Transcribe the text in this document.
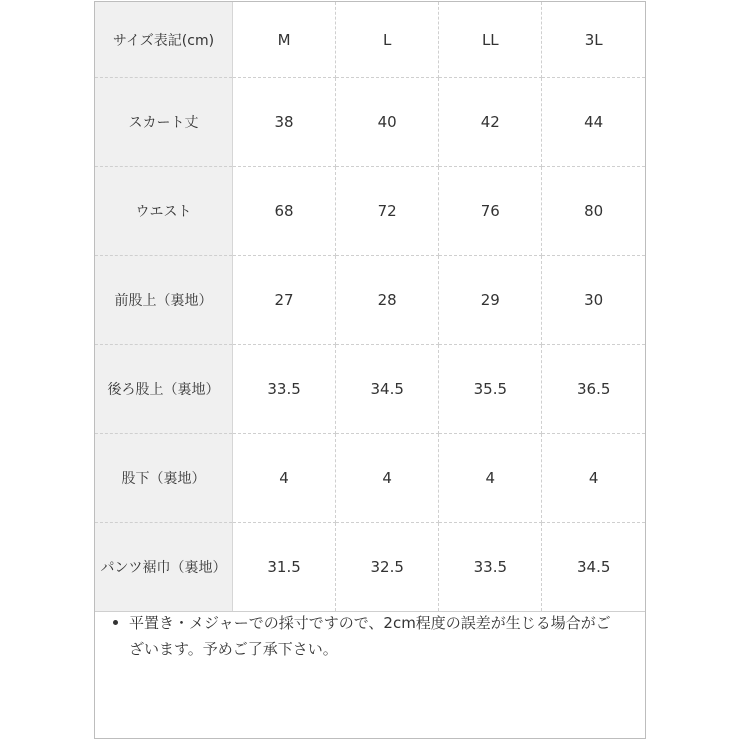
サイズ表記(cm)	M	L	LL	3L
スカート丈	38	40	42	44
ウエスト	68	72	76	80
前股上（裏地）	27	28	29	30
後ろ股上（裏地）	33.5	34.5	35.5	36.5
股下（裏地）	4	4	4	4
パンツ裾巾（裏地）	31.5	32.5	33.5	34.5
平置き・メジャーでの採寸ですので、2cm程度の誤差が生じる場合がございます。予めご了承下さい。
